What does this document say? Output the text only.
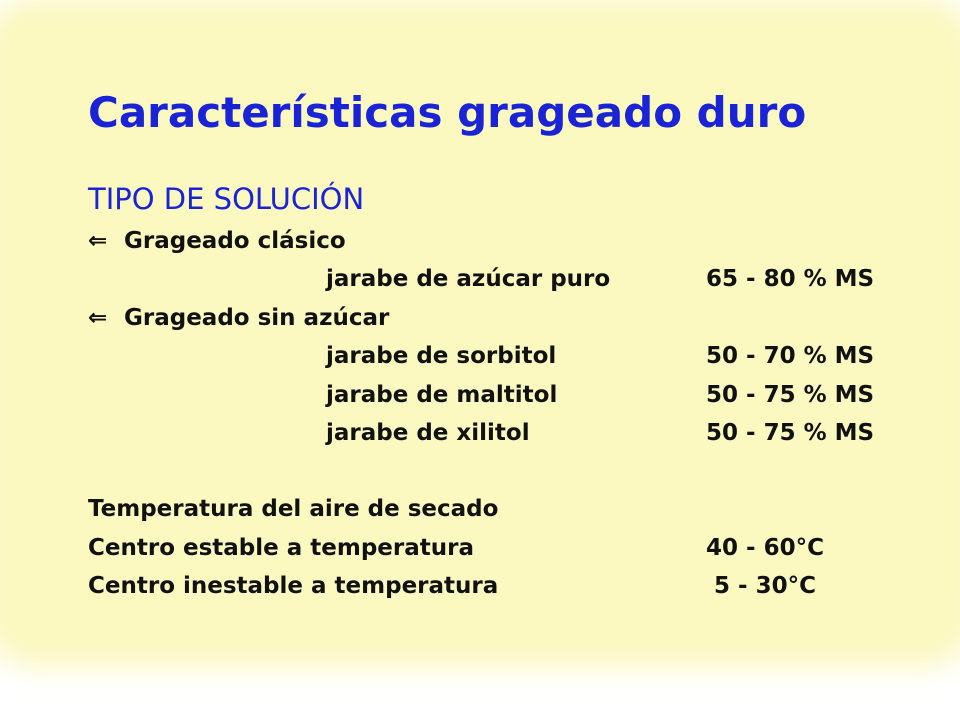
Características grageado duro
TIPO DE SOLUCIÓN
⇐ Grageado clásico
jarabe de azúcar puro	65 - 80 % MS
⇐ Grageado sin azúcar
jarabe de sorbitol	50 - 70 % MS
jarabe de maltitol	50 - 75 % MS
jarabe de xilitol	50 - 75 % MS
Temperatura del aire de secado
Centro estable a temperatura	40 - 60°C
Centro inestable a temperatura	5 - 30°C
